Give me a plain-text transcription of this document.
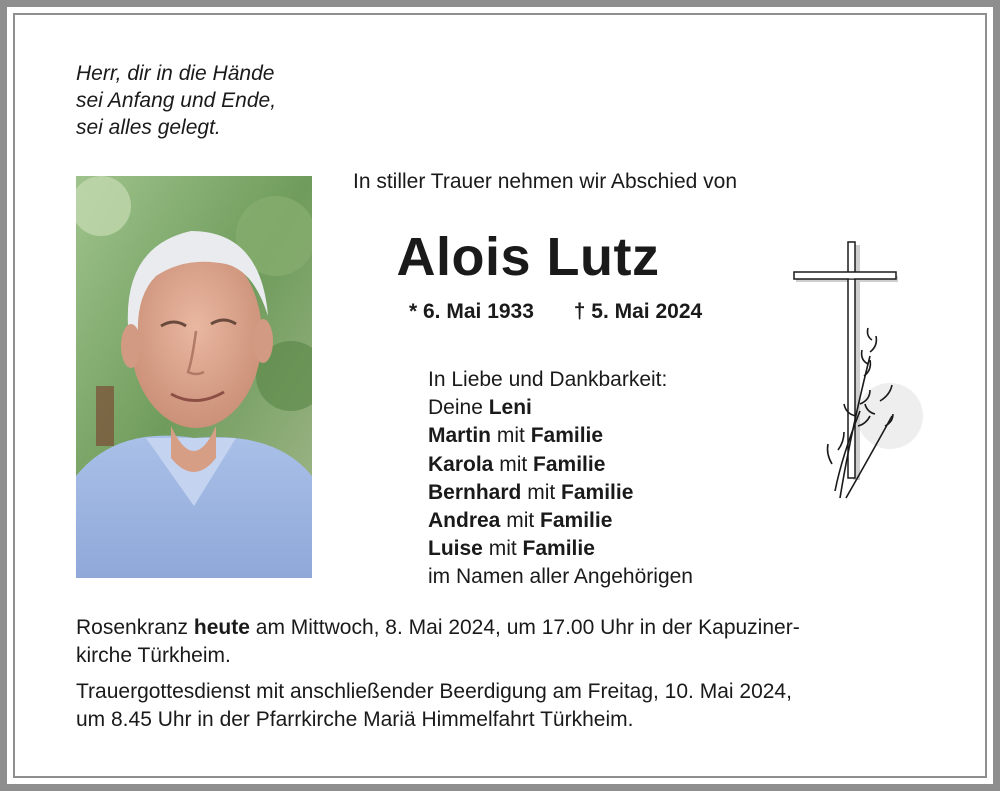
Herr, dir in die Hände
sei Anfang und Ende,
sei alles gelegt.
In stiller Trauer nehmen wir Abschied von
Alois Lutz
* 6. Mai 1933 † 5. Mai 2024
In Liebe und Dankbarkeit:
Deine Leni
Martin mit Familie
Karola mit Familie
Bernhard mit Familie
Andrea mit Familie
Luise mit Familie
im Namen aller Angehörigen
Rosenkranz heute am Mittwoch, 8. Mai 2024, um 17.00 Uhr in der Kapuziner-
kirche Türkheim.
Trauergottesdienst mit anschließender Beerdigung am Freitag, 10. Mai 2024,
um 8.45 Uhr in der Pfarrkirche Mariä Himmelfahrt Türkheim.
